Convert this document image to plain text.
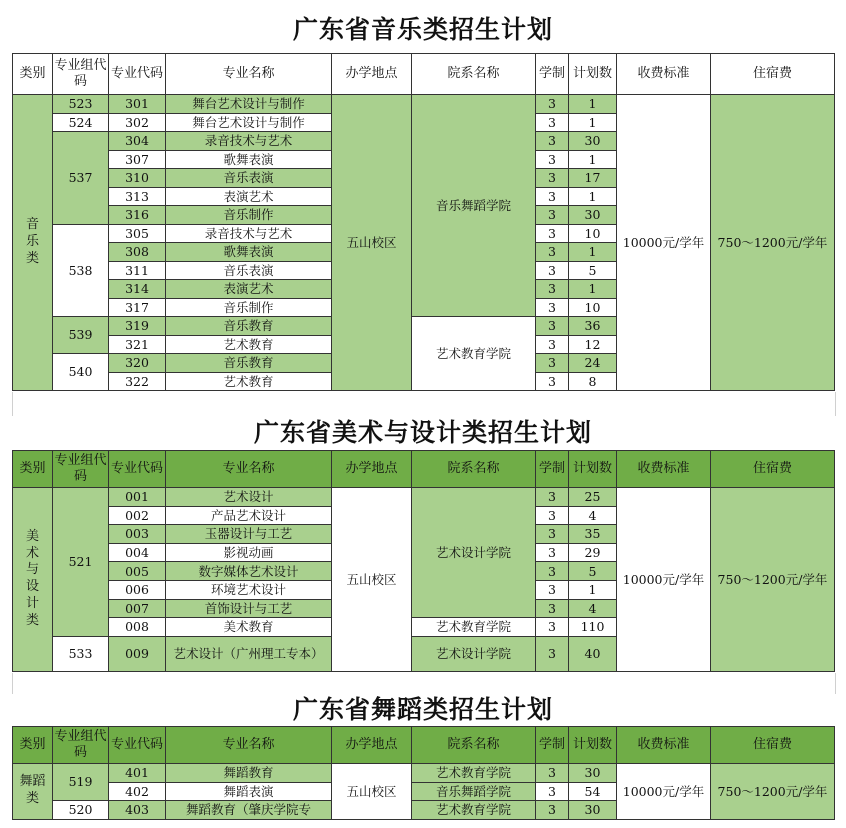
广东省音乐类招生计划
类别	专业组代码	专业代码	专业名称	办学地点	院系名称	学制	计划数	收费标准	住宿费

音乐类	523	301	舞台艺术设计与制作	五山校区	音乐舞蹈学院	3	1	10000元/学年	750～1200元/学年
	524	302	舞台艺术设计与制作			3	1		
	537	304	录音技术与艺术			3	30		
		307	歌舞表演			3	1		
		310	音乐表演			3	17		
		313	表演艺术			3	1		
		316	音乐制作			3	30		
	538	305	录音技术与艺术			3	10		
		308	歌舞表演			3	1		
		311	音乐表演			3	5		
		314	表演艺术			3	1		
		317	音乐制作			3	10		
	539	319	音乐教育		艺术教育学院	3	36		
		321	艺术教育			3	12		
	540	320	音乐教育			3	24		
		322	艺术教育			3	8		
广东省美术与设计类招生计划
类别	专业组代码	专业代码	专业名称	办学地点	院系名称	学制	计划数	收费标准	住宿费

美术与设计类	521	001	艺术设计	五山校区	艺术设计学院	3	25	10000元/学年	750～1200元/学年
		002	产品艺术设计			3	4		
		003	玉器设计与工艺			3	35		
		004	影视动画			3	29		
		005	数字媒体艺术设计			3	5		
		006	环境艺术设计			3	1		
		007	首饰设计与工艺			3	4		
		008	美术教育		艺术教育学院	3	110		
	533	009	艺术设计（广州理工专本）		艺术设计学院	3	40		
广东省舞蹈类招生计划
类别	专业组代码	专业代码	专业名称	办学地点	院系名称	学制	计划数	收费标准	住宿费

舞蹈类	519	401	舞蹈教育	五山校区	艺术教育学院	3	30	10000元/学年	750～1200元/学年
		402	舞蹈表演		音乐舞蹈学院	3	54		
	520	403	舞蹈教育（肇庆学院专		艺术教育学院	3	30		
